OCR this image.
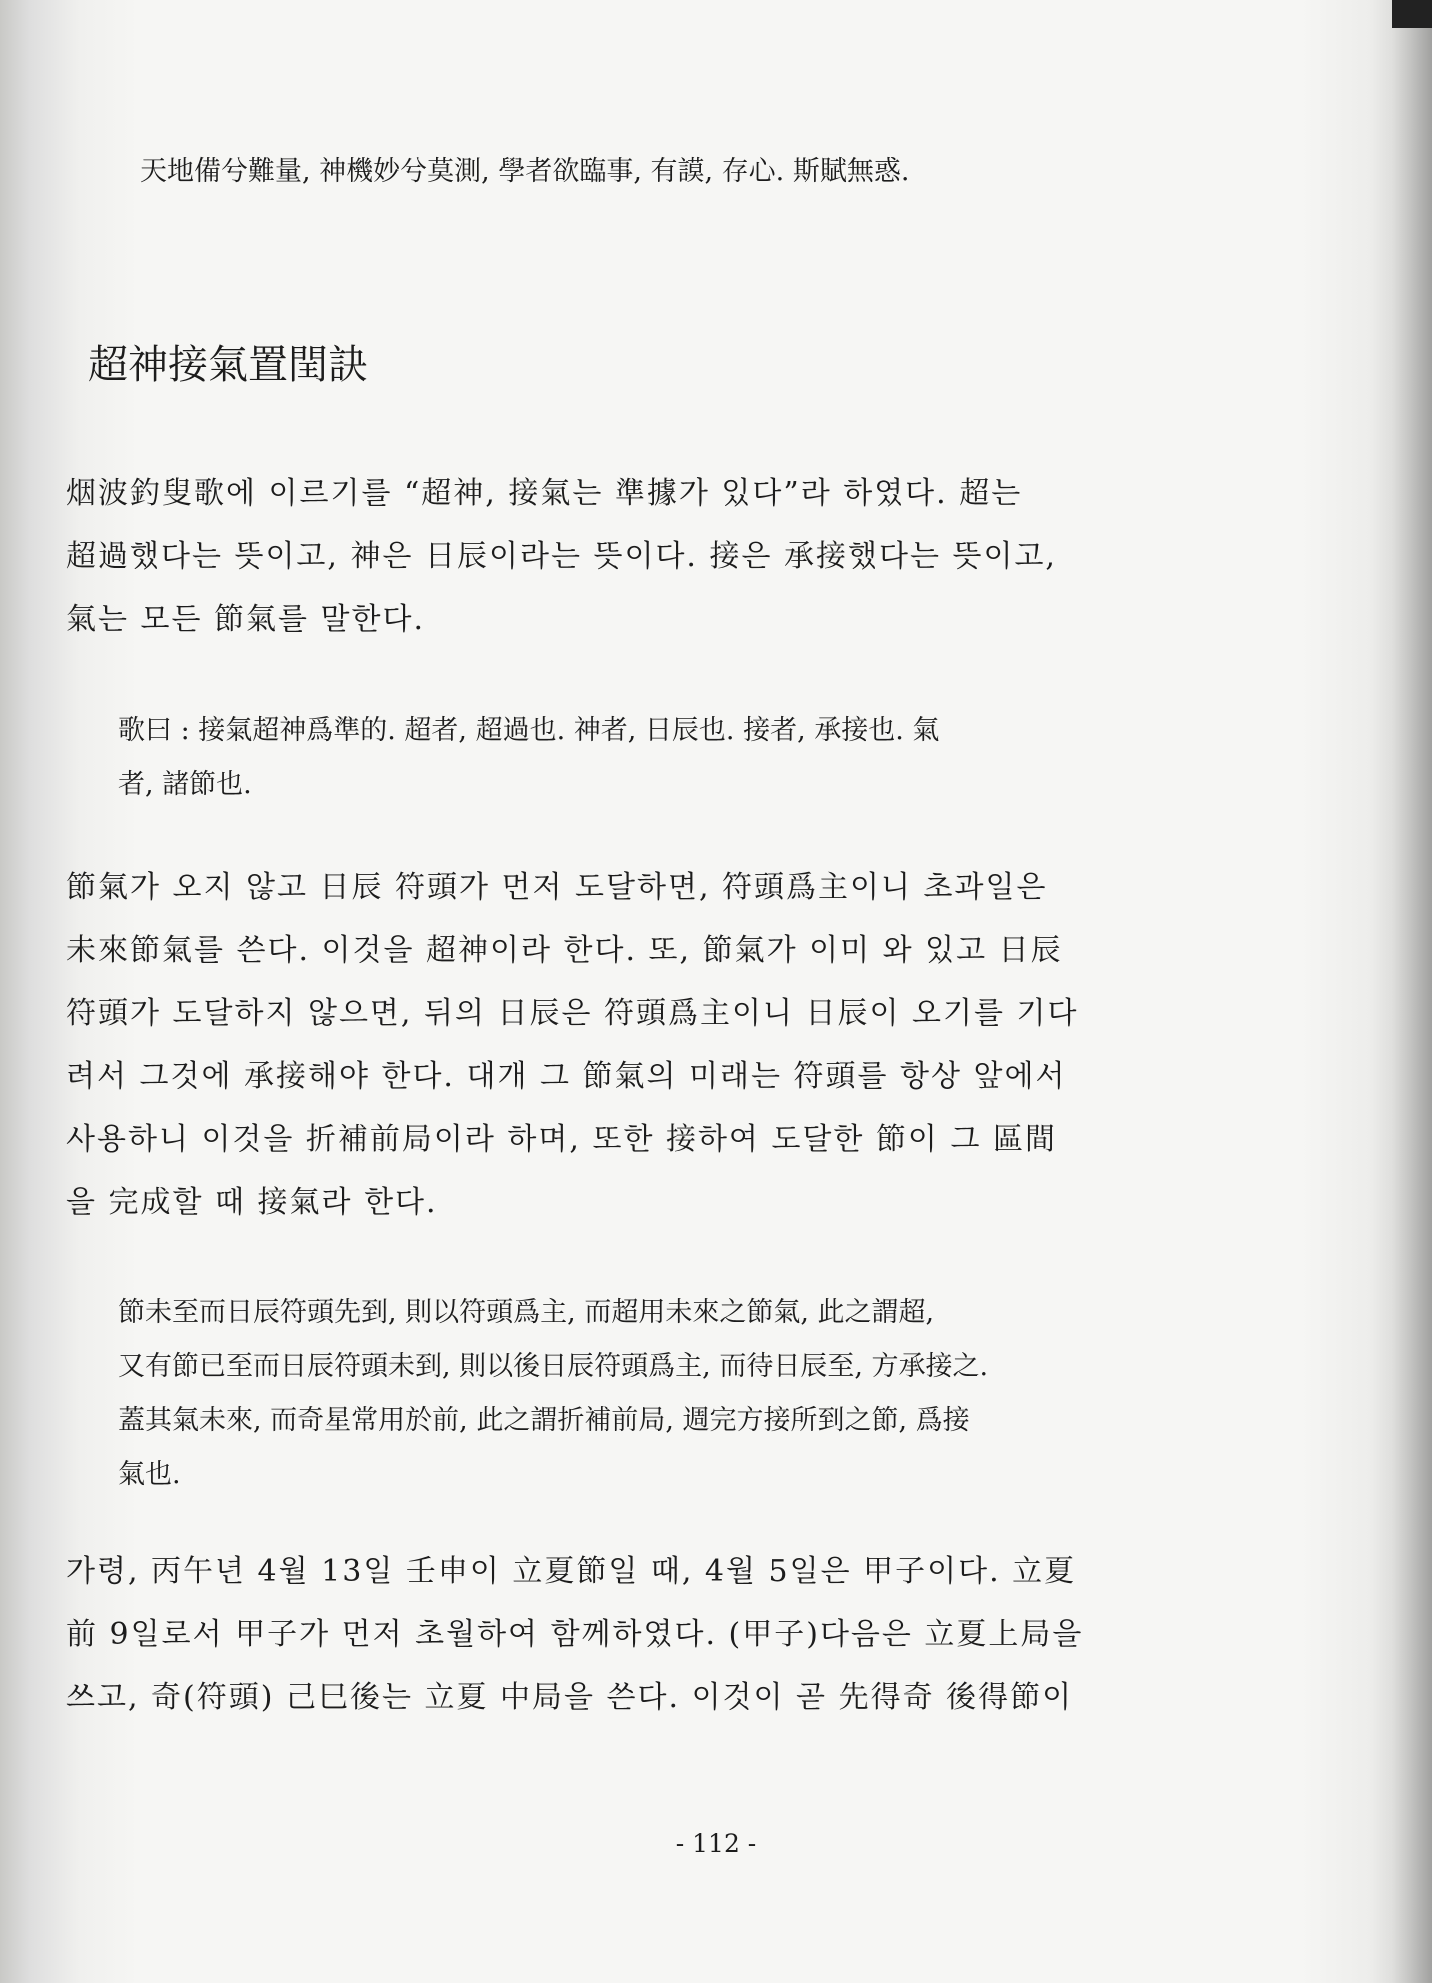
天地備兮難量, 神機妙兮莫測, 學者欲臨事, 有謨, 存心. 斯賦無惑.

超神接氣置閏訣

烟波釣叟歌에 이르기를 “超神, 接氣는 準據가 있다”라 하였다. 超는
超過했다는 뜻이고, 神은 日辰이라는 뜻이다. 接은 承接했다는 뜻이고,
氣는 모든 節氣를 말한다.

歌曰 : 接氣超神爲準的. 超者, 超過也. 神者, 日辰也. 接者, 承接也. 氣
者, 諸節也.

節氣가 오지 않고 日辰 符頭가 먼저 도달하면, 符頭爲主이니 초과일은
未來節氣를 쓴다. 이것을 超神이라 한다. 또, 節氣가 이미 와 있고 日辰
符頭가 도달하지 않으면, 뒤의 日辰은 符頭爲主이니 日辰이 오기를 기다
려서 그것에 承接해야 한다. 대개 그 節氣의 미래는 符頭를 항상 앞에서
사용하니 이것을 折補前局이라 하며, 또한 接하여 도달한 節이 그 區間
을 完成할 때 接氣라 한다.

節未至而日辰符頭先到, 則以符頭爲主, 而超用未來之節氣, 此之謂超,
又有節已至而日辰符頭未到, 則以後日辰符頭爲主, 而待日辰至, 方承接之.
蓋其氣未來, 而奇星常用於前, 此之謂折補前局, 週完方接所到之節, 爲接
氣也.

가령, 丙午년 4월 13일 壬申이 立夏節일 때, 4월 5일은 甲子이다. 立夏
前 9일로서 甲子가 먼저 초월하여 함께하였다. (甲子)다음은 立夏上局을
쓰고, 奇(符頭) 己巳後는 立夏 中局을 쓴다. 이것이 곧 先得奇 後得節이

- 112 -
